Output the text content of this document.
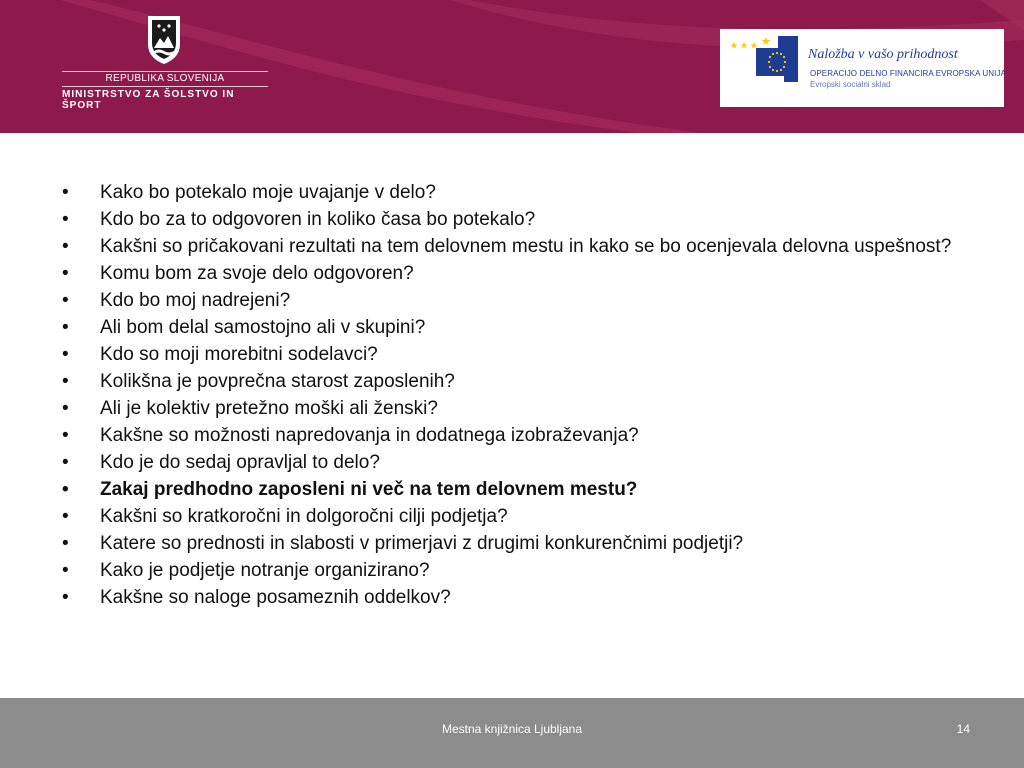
REPUBLIKA SLOVENIJA
MINISTRSTVO ZA ŠOLSTVO IN ŠPORT
Naložba v vašo prihodnost
OPERACIJO DELNO FINANCIRA EVROPSKA UNIJA
Evropski socialni sklad
• Kako bo potekalo moje uvajanje v delo?
• Kdo bo za to odgovoren in koliko časa bo potekalo?
• Kakšni so pričakovani rezultati na tem delovnem mestu in kako se bo ocenjevala delovna uspešnost?
• Komu bom za svoje delo odgovoren?
• Kdo bo moj nadrejeni?
• Ali bom delal samostojno ali v skupini?
• Kdo so moji morebitni sodelavci?
• Kolikšna je povprečna starost zaposlenih?
• Ali je kolektiv pretežno moški ali ženski?
• Kakšne so možnosti napredovanja in dodatnega izobraževanja?
• Kdo je do sedaj opravljal to delo?
• Zakaj predhodno zaposleni ni več na tem delovnem mestu?
• Kakšni so kratkoročni in dolgoročni cilji podjetja?
• Katere so prednosti in slabosti v primerjavi z drugimi konkurenčnimi podjetji?
• Kako je podjetje notranje organizirano?
• Kakšne so naloge posameznih oddelkov?
Mestna knjižnica Ljubljana	14
